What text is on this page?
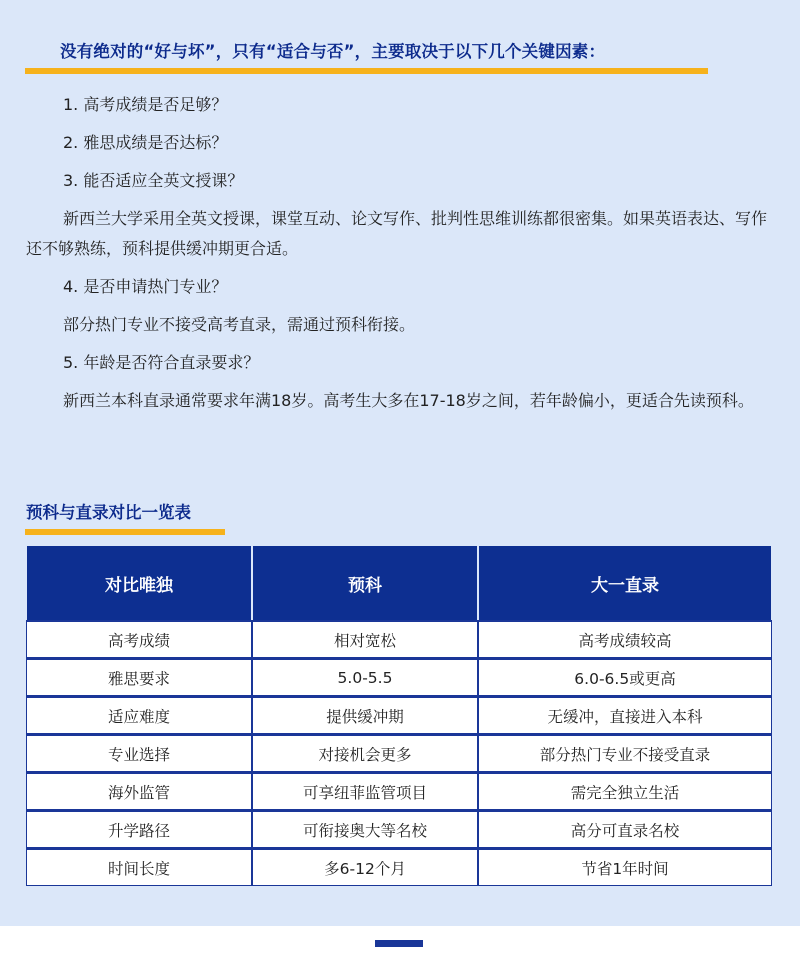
没有绝对的“好与坏”，只有“适合与否”，主要取决于以下几个关键因素：

1. 高考成绩是否足够？

2. 雅思成绩是否达标？

3. 能否适应全英文授课？

新西兰大学采用全英文授课，课堂互动、论文写作、批判性思维训练都很密集。如果英语表达、写作还不够熟练，预科提供缓冲期更合适。

4. 是否申请热门专业？

部分热门专业不接受高考直录，需通过预科衔接。

5. 年龄是否符合直录要求？

新西兰本科直录通常要求年满18岁。高考生大多在17-18岁之间，若年龄偏小，更适合先读预科。

预科与直录对比一览表
对比唯独	预科	大一直录
高考成绩	相对宽松	高考成绩较高
雅思要求	5.0-5.5	6.0-6.5或更高
适应难度	提供缓冲期	无缓冲，直接进入本科
专业选择	对接机会更多	部分热门专业不接受直录
海外监管	可享纽菲监管项目	需完全独立生活
升学路径	可衔接奥大等名校	高分可直录名校
时间长度	多6-12个月	节省1年时间
